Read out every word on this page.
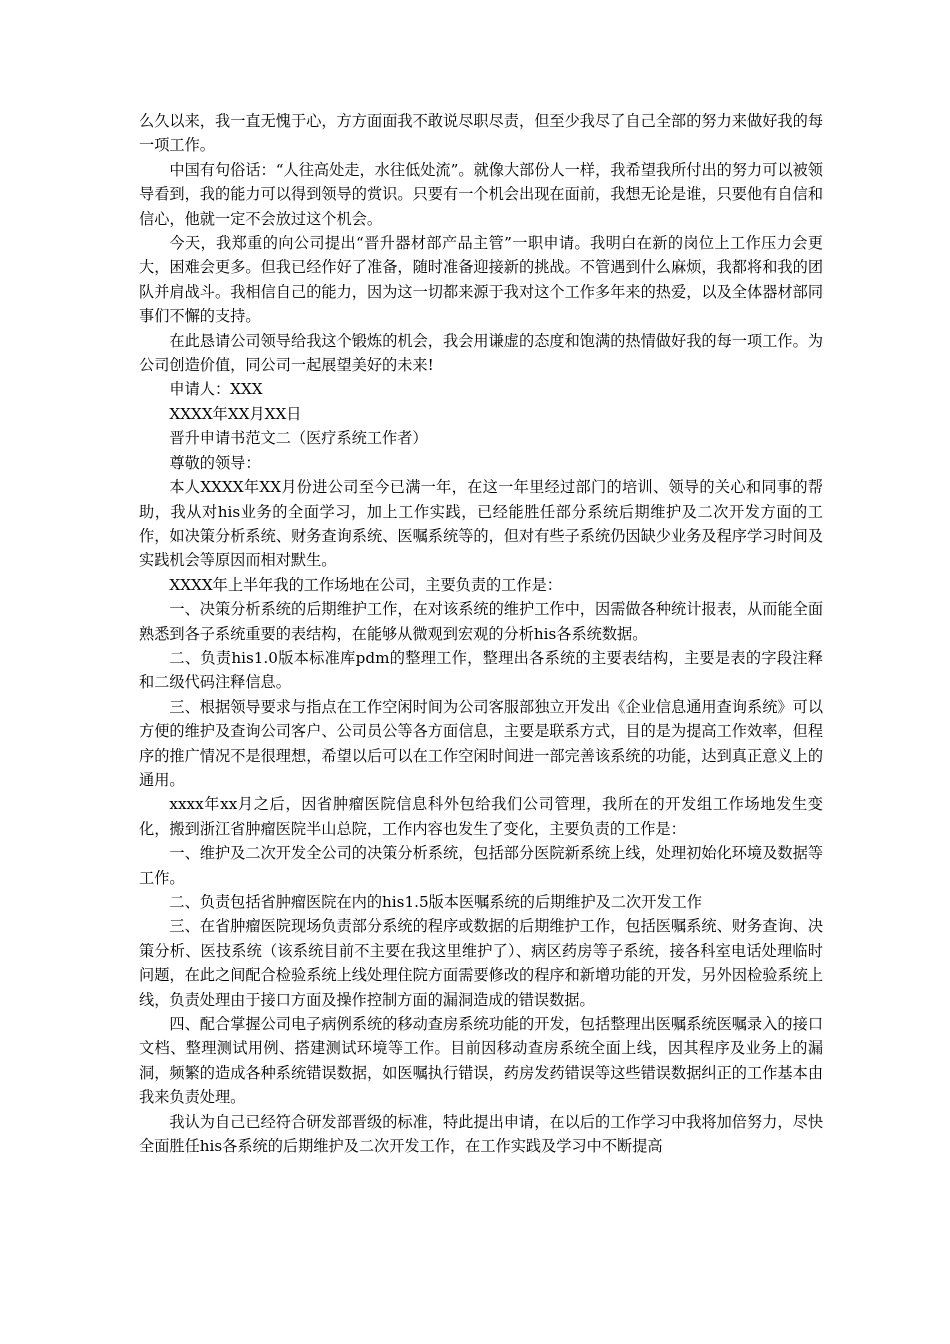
么久以来，我一直无愧于心，方方面面我不敢说尽职尽责，但至少我尽了自己全部的努力来做好我的每一项工作。

中国有句俗话：“人往高处走，水往低处流”。就像大部份人一样，我希望我所付出的努力可以被领导看到，我的能力可以得到领导的赏识。只要有一个机会出现在面前，我想无论是谁，只要他有自信和信心，他就一定不会放过这个机会。

今天，我郑重的向公司提出“晋升器材部产品主管”一职申请。我明白在新的岗位上工作压力会更大，困难会更多。但我已经作好了准备，随时准备迎接新的挑战。不管遇到什么麻烦，我都将和我的团队并肩战斗。我相信自己的能力，因为这一切都来源于我对这个工作多年来的热爱，以及全体器材部同事们不懈的支持。

在此恳请公司领导给我这个锻炼的机会，我会用谦虚的态度和饱满的热情做好我的每一项工作。为公司创造价值，同公司一起展望美好的未来!

申请人：XXX

XXXX年XX月XX日

晋升申请书范文二（医疗系统工作者）

尊敬的领导：

本人XXXX年XX月份进公司至今已满一年，在这一年里经过部门的培训、领导的关心和同事的帮助，我从对his业务的全面学习，加上工作实践，已经能胜任部分系统后期维护及二次开发方面的工作，如决策分析系统、财务查询系统、医嘱系统等的，但对有些子系统仍因缺少业务及程序学习时间及实践机会等原因而相对默生。

XXXX年上半年我的工作场地在公司，主要负责的工作是：

一、决策分析系统的后期维护工作，在对该系统的维护工作中，因需做各种统计报表，从而能全面熟悉到各子系统重要的表结构，在能够从微观到宏观的分析his各系统数据。

二、负责his1.0版本标准库pdm的整理工作，整理出各系统的主要表结构，主要是表的字段注释和二级代码注释信息。

三、根据领导要求与指点在工作空闲时间为公司客服部独立开发出《企业信息通用查询系统》可以方便的维护及查询公司客户、公司员公等各方面信息，主要是联系方式，目的是为提高工作效率，但程序的推广情况不是很理想，希望以后可以在工作空闲时间进一部完善该系统的功能，达到真正意义上的通用。

xxxx年xx月之后，因省肿瘤医院信息科外包给我们公司管理，我所在的开发组工作场地发生变化，搬到浙江省肿瘤医院半山总院，工作内容也发生了变化，主要负责的工作是：

一、维护及二次开发全公司的决策分析系统，包括部分医院新系统上线，处理初始化环境及数据等工作。

二、负责包括省肿瘤医院在内的his1.5版本医嘱系统的后期维护及二次开发工作

三、在省肿瘤医院现场负责部分系统的程序或数据的后期维护工作，包括医嘱系统、财务查询、决策分析、医技系统（该系统目前不主要在我这里维护了）、病区药房等子系统，接各科室电话处理临时问题，在此之间配合检验系统上线处理住院方面需要修改的程序和新增功能的开发，另外因检验系统上线，负责处理由于接口方面及操作控制方面的漏洞造成的错误数据。

四、配合掌握公司电子病例系统的移动查房系统功能的开发，包括整理出医嘱系统医嘱录入的接口文档、整理测试用例、搭建测试环境等工作。目前因移动查房系统全面上线，因其程序及业务上的漏洞，频繁的造成各种系统错误数据，如医嘱执行错误，药房发药错误等这些错误数据纠正的工作基本由我来负责处理。

我认为自己已经符合研发部晋级的标准，特此提出申请，在以后的工作学习中我将加倍努力，尽快全面胜任his各系统的后期维护及二次开发工作，在工作实践及学习中不断提高
